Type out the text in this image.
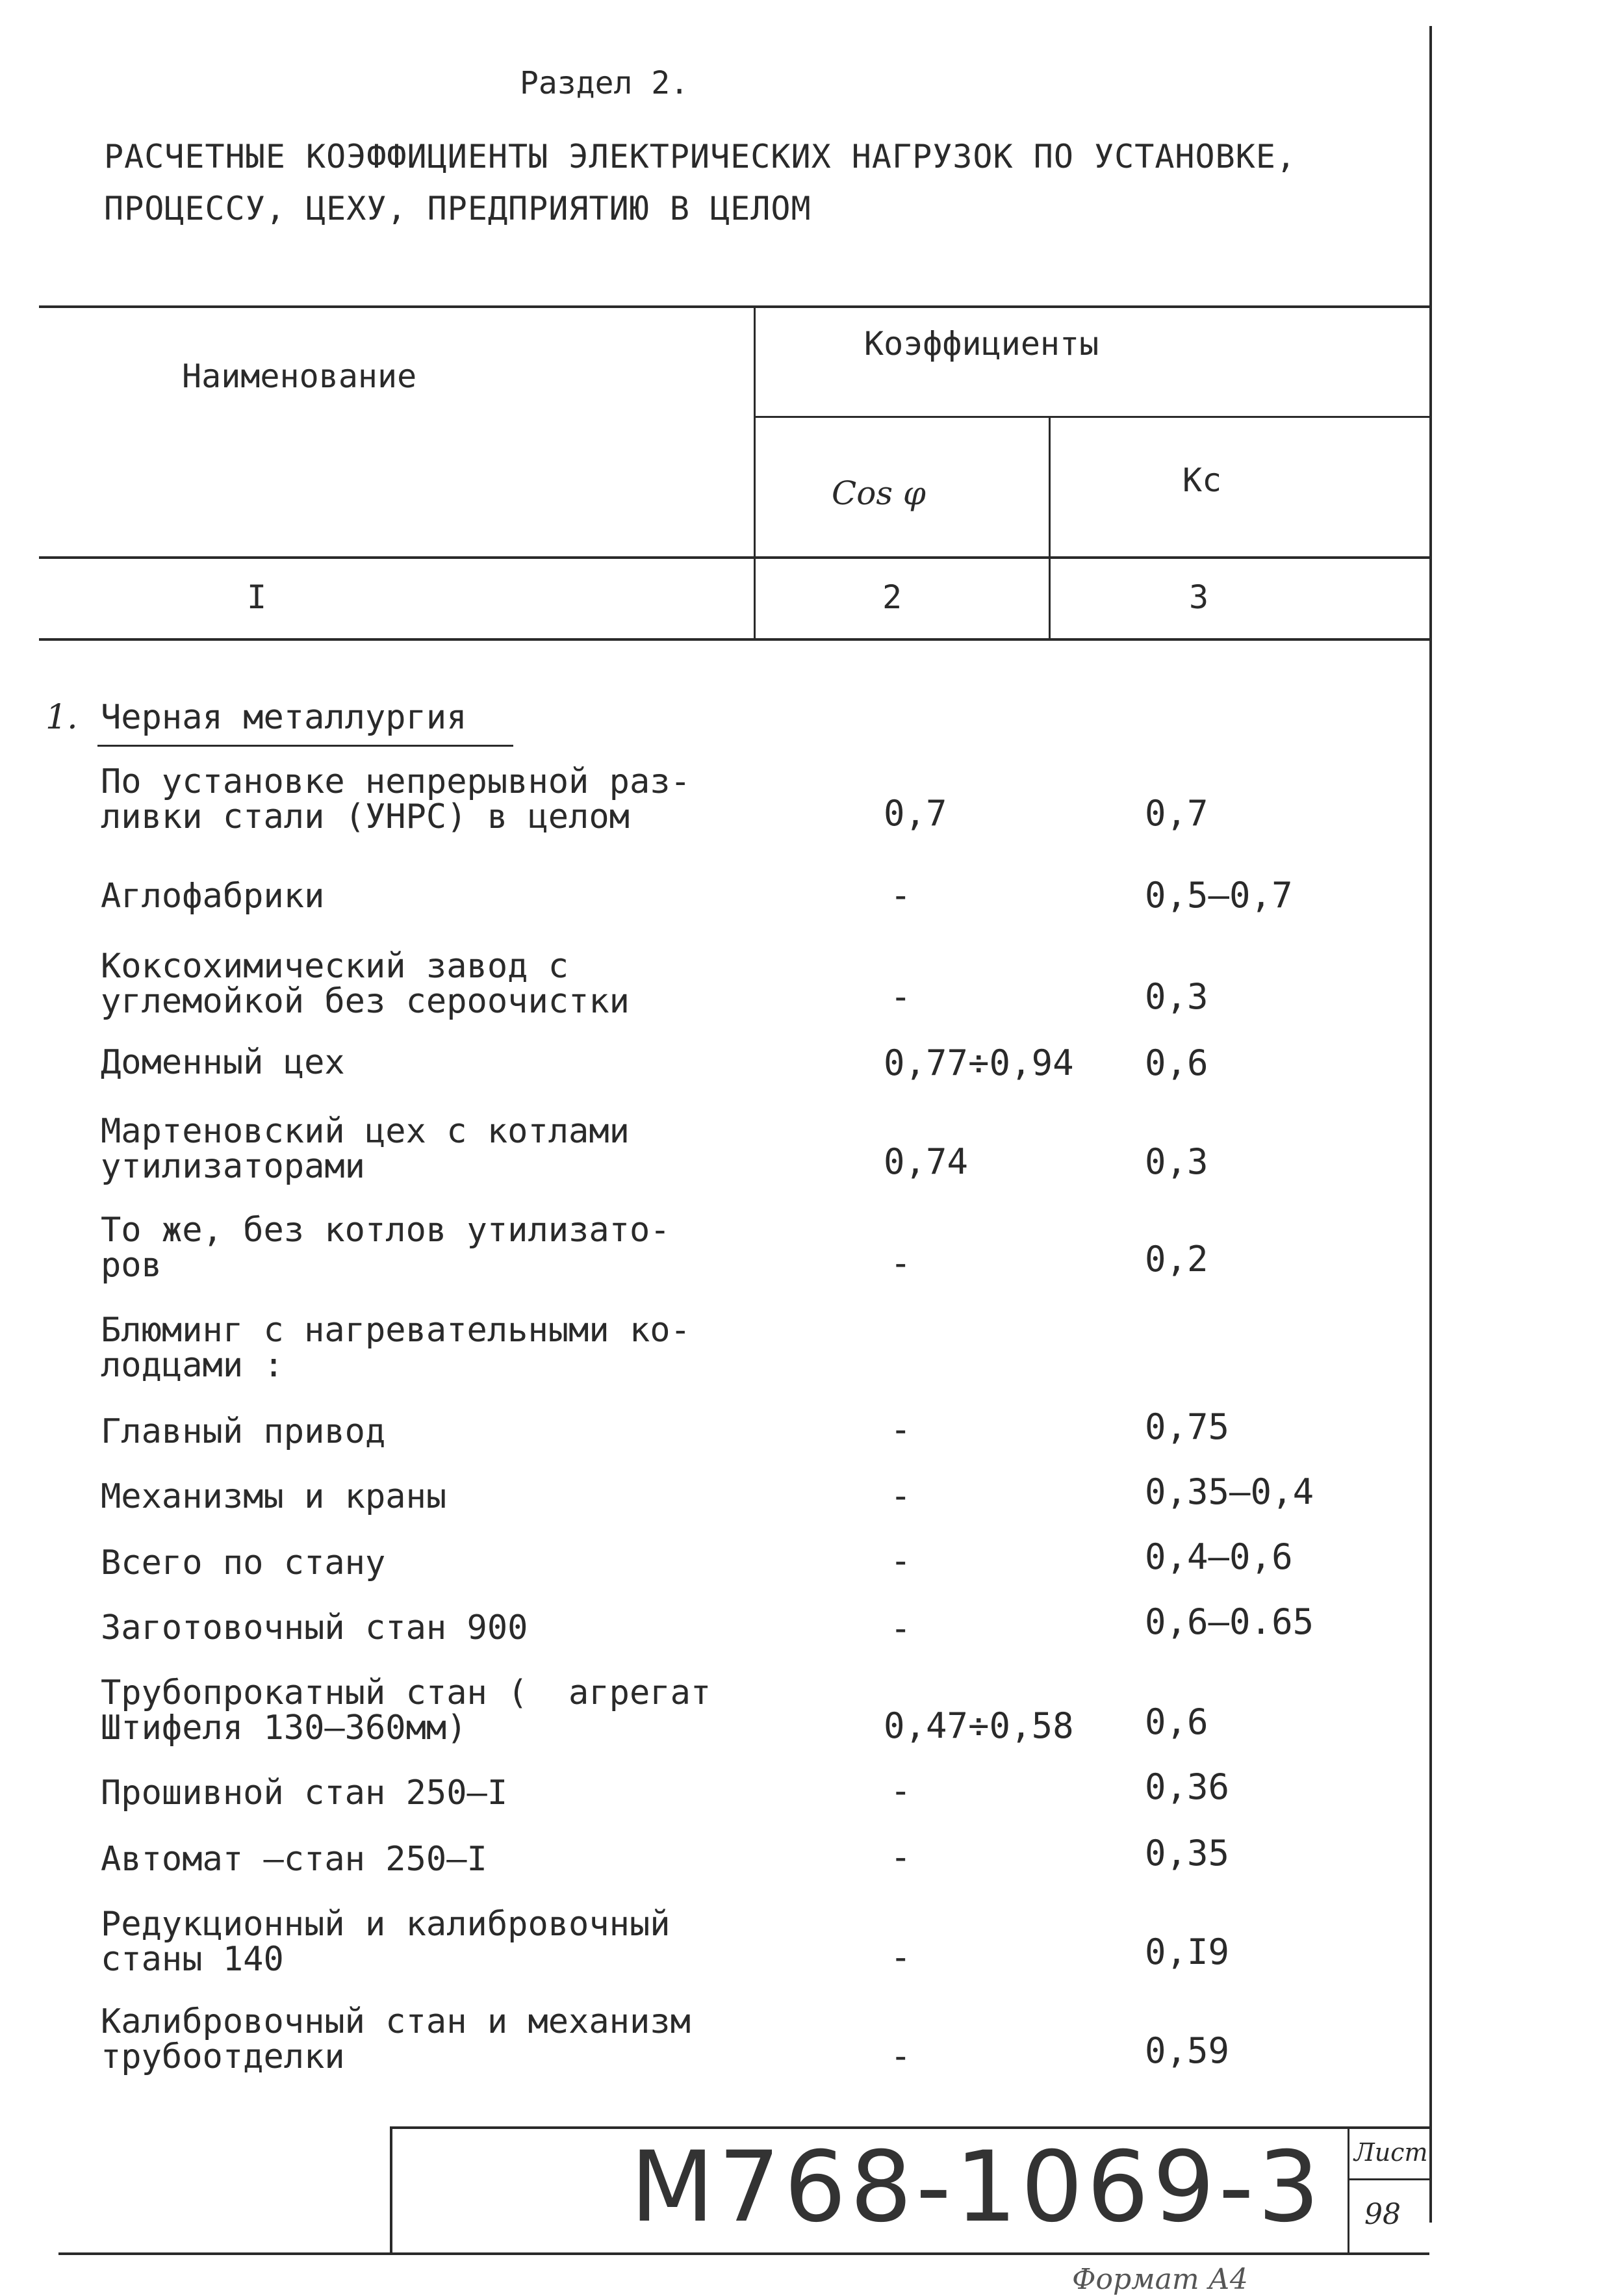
Раздел 2.
РАСЧЕТНЫЕ КОЭФФИЦИЕНТЫ ЭЛЕКТРИЧЕСКИХ НАГРУЗОК ПО УСТАНОВКЕ,
ПРОЦЕССУ, ЦЕХУ, ПРЕДПРИЯТИЮ В ЦЕЛОМ
Наименование
Коэффициенты
Cos φ	Кс
I	2	3
1. Черная металлургия
По установке непрерывной раз-
ливки стали (УНРС) в целом	0,7	0,7
Аглофабрики	-	0,5–0,7
Коксохимический завод с
углемойкой без сероочистки	-	0,3
Доменный цех	0,77÷0,94 0,6
Мартеновский цех с котлами
утилизаторами	0,74	0,3
То же, без котлов утилизато-
ров	-	0,2
Блюминг с нагревательными ко-
лодцами :
Главный привод	-	0,75
Механизмы и краны	-	0,35–0,4
Всего по стану	-	0,4–0,6
Заготовочный стан 900	-	0,6–0.65
Трубопрокатный стан (  агрегат
Штифеля 130–360мм)	0,47÷0,58 0,6
Прошивной стан 250–I	-	0,36
Автомат –стан 250–I	-	0,35
Редукционный и калибровочный
станы 140	-	0,I9
Калибровочный стан и механизм
трубоотделки	-	0,59
М768-1069-3 Лист
98
Формат А4
